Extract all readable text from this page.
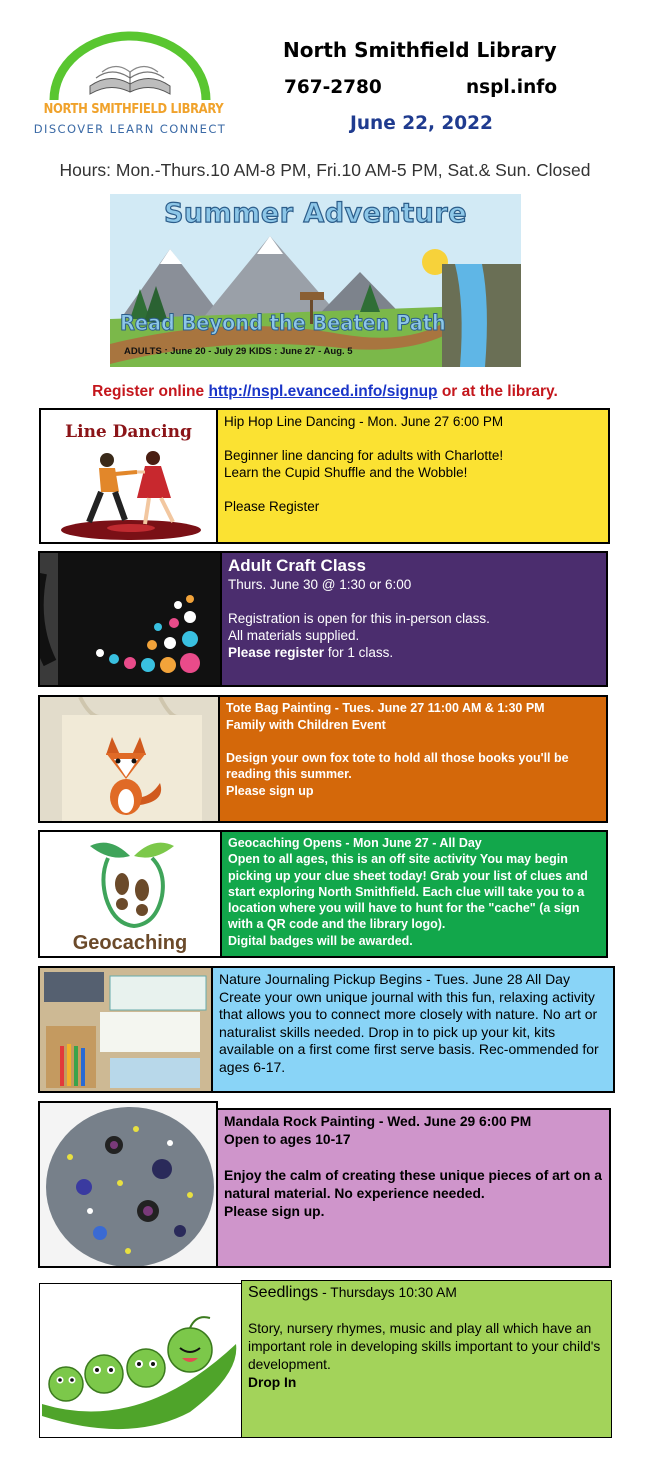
NORTH SMITHFIELD LIBRARY
DISCOVER LEARN CONNECT
North Smithfield Library
767-2780	nspl.info
June 22, 2022
Hours: Mon.-Thurs.10 AM-8 PM, Fri.10 AM-5 PM, Sat.& Sun. Closed
Summer Adventure
Read Beyond the Beaten Path
ADULTS : June 20 - July 29 KIDS : June 27 - Aug. 5
Register online http://nspl.evanced.info/signup or at the library.
Line Dancing

Hip Hop Line Dancing - Mon. June 27 6:00 PM

Beginner line dancing for adults with Charlotte!

Learn the Cupid Shuffle and the Wobble!

Please Register

Adult Craft Class

Thurs. June 30 @ 1:30 or 6:00

Registration is open for this in-person class.

All materials supplied.

Please register for 1 class.

Tote Bag Painting - Tues. June 27 11:00 AM & 1:30 PM

Family with Children Event

Design your own fox tote to hold all those books you'll be reading this summer.

Please sign up

Geocaching

Geocaching Opens - Mon June 27 - All Day

Open to all ages, this is an off site activity You may begin picking up your clue sheet today! Grab your list of clues and start exploring North Smithfield. Each clue will take you to a location where you will have to hunt for the "cache" (a sign with a QR code and the library logo).

Digital badges will be awarded.

Nature Journaling Pickup Begins - Tues. June 28 All Day

Create your own unique journal with this fun, relaxing activity that allows you to connect more closely with nature. No art or naturalist skills needed. Drop in to pick up your kit, kits available on a first come first serve basis. Rec-ommended for ages 6-17.

Mandala Rock Painting - Wed. June 29 6:00 PM

Open to ages 10-17

Enjoy the calm of creating these unique pieces of art on a natural material. No experience needed.

Please sign up.

Seedlings - Thursdays 10:30 AM

Story, nursery rhymes, music and play all which have an important role in developing skills important to your child's development.

Drop In
